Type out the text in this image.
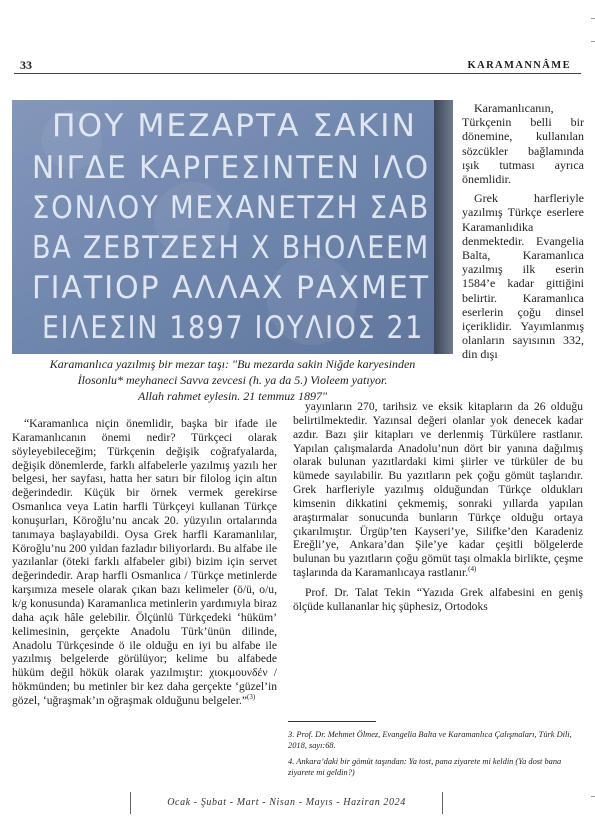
33	KARAMANNÂME
ΠΟΥ ΜΕΖΑΡΤΑ ΣΑΚΙΝ
ΝΙΓΔΕ ΚΑΡΓΕΣΙΝΤΕΝ ΙΛΟ
ΣΟΝΛΟΥ ΜΕΧΑΝΕΤΖΗ ΣΑΒ
ΒΑ ΖΕΒΤΖΕΣΗ Χ ΒΗΟΛΕΕΜ
ΓΙΑΤΙΟΡ ΑΛΛΑΧ ΡΑΧΜΕΤ
ΕΙΛΕΣΙΝ 1897 ΙΟΥΛΙΟΣ 21
Karamanlıca yazılmış bir mezar taşı: "Bu mezarda sakin Niğde karyesinden
İlosonlu* meyhaneci Savva zevcesi (h. ya da 5.) Violeem yatıyor.
Allah rahmet eylesin. 21 temmuz 1897"

Karamanlıcanın, Türkçenin belli bir dönemine, kullanılan sözcükler bağlamında ışık tutması ayrıca önemlidir.

Grek harfleriyle yazılmış Türkçe eserlere Karamanlıdika denmektedir. Evangelia Balta, Karamanlıca yazılmış ilk eserin 1584’e kadar gittiğini belirtir. Karamanlıca eserlerin çoğu dinsel içeriklidir. Yayımlanmış olanların sayısının 332, din dışı

“Karamanlıca niçin önemlidir, başka bir ifade ile Karamanlıcanın önemi nedir? Türkçeci olarak söyleyebileceğim; Türkçenin değişik coğrafyalarda, değişik dönemlerde, farklı alfabelerle yazılmış yazılı her belgesi, her sayfası, hatta her satırı bir filolog için altın değerindedir. Küçük bir örnek vermek gerekirse Osmanlıca veya Latin harfli Türkçeyi kullanan Türkçe konuşurları, Köroğlu’nu ancak 20. yüzyılın ortalarında tanımaya başlayabildi. Oysa Grek harfli Karamanlılar, Köroğlu’nu 200 yıldan fazladır biliyorlardı. Bu alfabe ile yazılanlar (öteki farklı alfabeler gibi) bizim için servet değerindedir. Arap harfli Osmanlıca / Türkçe metinlerde karşımıza mesele olarak çıkan bazı kelimeler (ö/ü, o/u, k/g konusunda) Karamanlıca metinlerin yardımıyla biraz daha açık hâle gelebilir. Ölçünlü Türkçedeki ‘hüküm’ kelimesinin, gerçekte Anadolu Türk’ünün dilinde, Anadolu Türkçesinde ö ile olduğu en iyi bu alfabe ile yazılmış belgelerde görülüyor; kelime bu alfabede hüküm değil hökük olarak yazılmıştır: χιοκμουνδέν / hökmünden; bu metinler bir kez daha gerçekte ‘güzel’in gözel, ‘uğraşmak’ın oğraşmak olduğunu belgeler.”$^{(3)}$

yayınların 270, tarihsiz ve eksik kitapların da 26 olduğu belirtilmektedir. Yazınsal değeri olanlar yok denecek kadar azdır. Bazı şiir kitapları ve derlenmiş Türkülere rastlanır. Yapılan çalışmalarda Anadolu’nun dört bir yanına dağılmış olarak bulunan yazıtlardaki kimi şiirler ve türküler de bu kümede sayılabilir. Bu yazıtların pek çoğu gömüt taşlarıdır. Grek harfleriyle yazılmış olduğundan Türkçe oldukları kimsenin dikkatini çekmemiş, sonraki yıllarda yapılan araştırmalar sonucunda bunların Türkçe olduğu ortaya çıkarılmıştır. Ürgüp’ten Kayseri’ye, Silifke’den Karadeniz Ereğli’ye, Ankara’dan Şile’ye kadar çeşitli bölgelerde bulunan bu yazıtların çoğu gömüt taşı olmakla birlikte, çeşme taşlarında da Karamanlıcaya rastlanır.$^{(4)}$

Prof. Dr. Talat Tekin “Yazıda Grek alfabesini en geniş ölçüde kullananlar hiç şüphesiz, Ortodoks

3. Prof. Dr. Mehmet Ölmez, Evangelia Balta ve Karamanlıca Çalışmaları, Türk Dili, 2018, sayı:68.
4. Ankara’daki bir gömüt taşından: Ya tost, pana ziyarete mi keldin (Ya dost bana ziyarete mi geldin?)
Ocak - Şubat - Mart - Nisan - Mayıs - Haziran 2024
